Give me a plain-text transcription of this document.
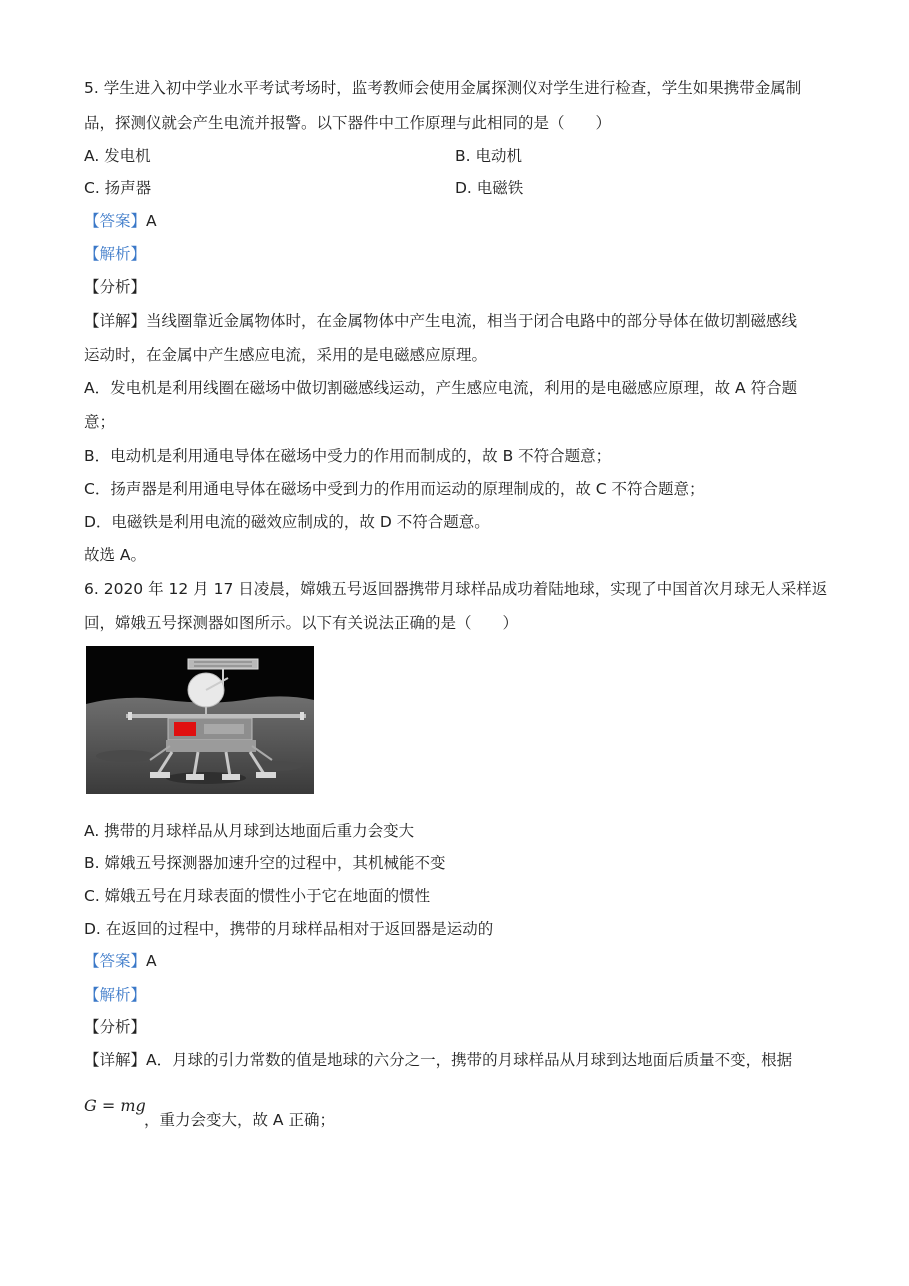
5. 学生进入初中学业水平考试考场时，监考教师会使用金属探测仪对学生进行检查，学生如果携带金属制
品，探测仪就会产生电流并报警。以下器件中工作原理与此相同的是（　　）
A. 发电机	B. 电动机
C. 扬声器	D. 电磁铁
【答案】A
【解析】
【分析】
【详解】当线圈靠近金属物体时，在金属物体中产生电流，相当于闭合电路中的部分导体在做切割磁感线
运动时，在金属中产生感应电流，采用的是电磁感应原理。
A．发电机是利用线圈在磁场中做切割磁感线运动，产生感应电流，利用的是电磁感应原理，故 A 符合题
意；
B．电动机是利用通电导体在磁场中受力的作用而制成的，故 B 不符合题意；
C．扬声器是利用通电导体在磁场中受到力的作用而运动的原理制成的，故 C 不符合题意；
D．电磁铁是利用电流的磁效应制成的，故 D 不符合题意。
故选 A。
6. 2020 年 12 月 17 日凌晨，嫦娥五号返回器携带月球样品成功着陆地球，实现了中国首次月球无人采样返
回，嫦娥五号探测器如图所示。以下有关说法正确的是（　　）
A. 携带的月球样品从月球到达地面后重力会变大
B. 嫦娥五号探测器加速升空的过程中，其机械能不变
C. 嫦娥五号在月球表面的惯性小于它在地面的惯性
D. 在返回的过程中，携带的月球样品相对于返回器是运动的
【答案】A
【解析】
【分析】
【详解】A．月球的引力常数的值是地球的六分之一，携带的月球样品从月球到达地面后质量不变，根据
G = mg
，重力会变大，故 A 正确；
